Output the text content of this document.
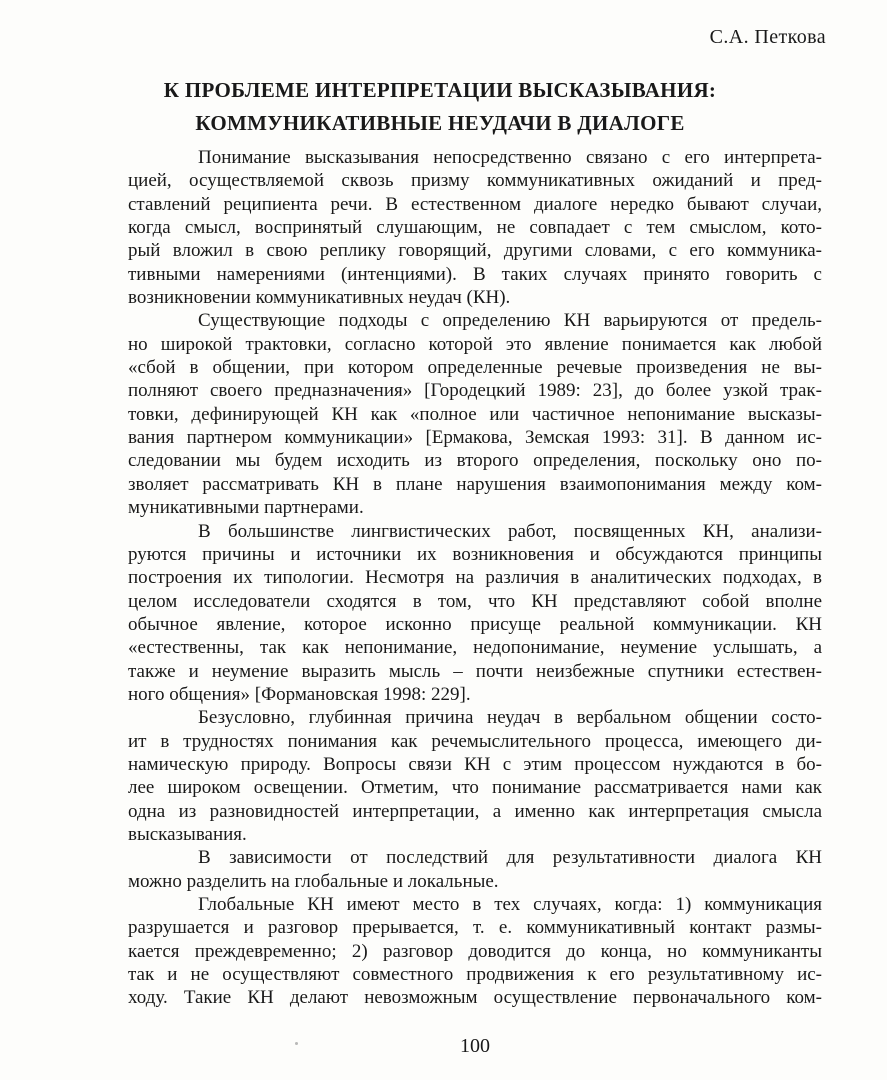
С.А. Петкова
К ПРОБЛЕМЕ ИНТЕРПРЕТАЦИИ ВЫСКАЗЫВАНИЯ:
КОММУНИКАТИВНЫЕ НЕУДАЧИ В ДИАЛОГЕ
Понимание высказывания непосредственно связано с его интерпрета-
цией, осуществляемой сквозь призму коммуникативных ожиданий и пред-
ставлений реципиента речи. В естественном диалоге нередко бывают случаи,
когда смысл, воспринятый слушающим, не совпадает с тем смыслом, кото-
рый вложил в свою реплику говорящий, другими словами, с его коммуника-
тивными намерениями (интенциями). В таких случаях принято говорить с
возникновении коммуникативных неудач (КН).
Существующие подходы с определению КН варьируются от предель-
но широкой трактовки, согласно которой это явление понимается как любой
«сбой в общении, при котором определенные речевые произведения не вы-
полняют своего предназначения» [Городецкий 1989: 23], до более узкой трак-
товки, дефинирующей КН как «полное или частичное непонимание высказы-
вания партнером коммуникации» [Ермакова, Земская 1993: 31]. В данном ис-
следовании мы будем исходить из второго определения, поскольку оно по-
зволяет рассматривать КН в плане нарушения взаимопонимания между ком-
муникативными партнерами.
В большинстве лингвистических работ, посвященных КН, анализи-
руются причины и источники их возникновения и обсуждаются принципы
построения их типологии. Несмотря на различия в аналитических подходах, в
целом исследователи сходятся в том, что КН представляют собой вполне
обычное явление, которое исконно присуще реальной коммуникации. КН
«естественны, так как непонимание, недопонимание, неумение услышать, а
также и неумение выразить мысль – почти неизбежные спутники естествен-
ного общения» [Формановская 1998: 229].
Безусловно, глубинная причина неудач в вербальном общении состо-
ит в трудностях понимания как речемыслительного процесса, имеющего ди-
намическую природу. Вопросы связи КН с этим процессом нуждаются в бо-
лее широком освещении. Отметим, что понимание рассматривается нами как
одна из разновидностей интерпретации, а именно как интерпретация смысла
высказывания.
В зависимости от последствий для результативности диалога КН
можно разделить на глобальные и локальные.
Глобальные КН имеют место в тех случаях, когда: 1) коммуникация
разрушается и разговор прерывается, т. е. коммуникативный контакт размы-
кается преждевременно; 2) разговор доводится до конца, но коммуниканты
так и не осуществляют совместного продвижения к его результативному ис-
ходу. Такие КН делают невозможным осуществление первоначального ком-
100
